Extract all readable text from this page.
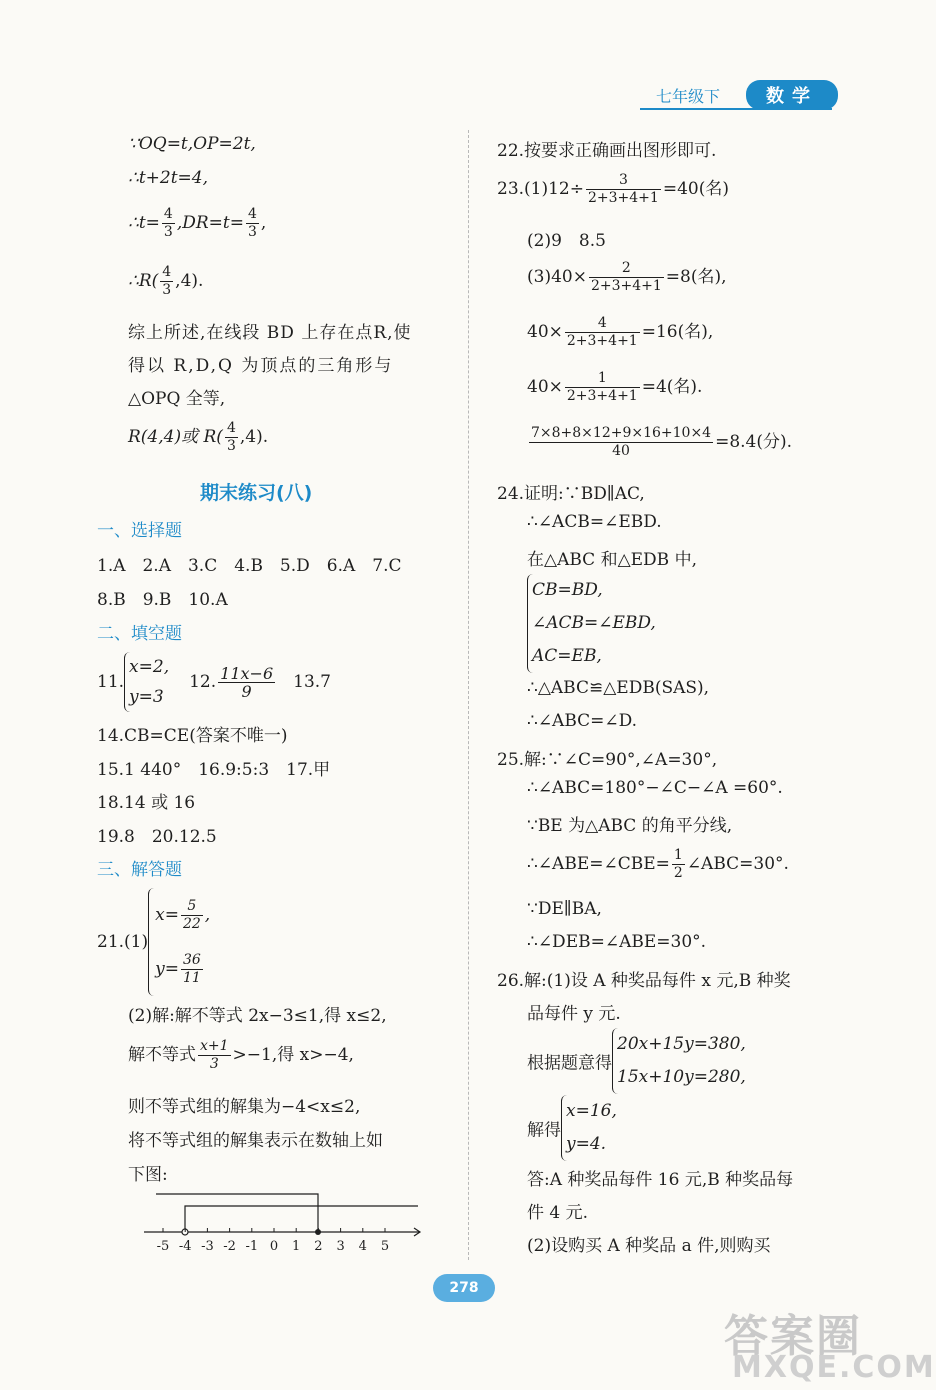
七年级下	数学
∵OQ=t,OP=2t,
∴t+2t=4,
∴t= $\frac{4}{3} ,DR=t= \frac{4}{3}$ ,
∴R( $\frac{4}{3} ,4$).
综上所述,在线段 BD 上存在点R,使
得以 R,D,Q 为顶点的三角形与
△OPQ 全等,
R(4,4)或 $R( \frac{4}{3} ,4)$.
期末练习(八)
一、选择题
1.A　2.A　3.C　4.B　5.D　6.A　7.C
8.B　9.B　10.A
二、填空题
11.x=2,
y=312. $\frac{11x-6}{9} 13.7$
14.CB=CE(答案不唯一)
15.1 440°　16.9:5:3　17.甲
18.14 或 16
19.8　20.12.5
三、解答题
$21.(1)x= \frac{5}{22}$ ,
$y= \frac{36}{11}$
(2)解:解不等式 2x−3≤1,得 x≤2,
解不等式 $\frac{x+1}{3} >-1$,得 x>−4,
则不等式组的解集为−4<x≤2,
将不等式组的解集表示在数轴上如
下图:
-5 -4 -3 -2 -1 0 1 2 3 4 5
22.按要求正确画出图形即可.
$23.(1)12\div \frac{3}{2+3+4+1} =40$(名)
(2)9　8.5
$(3)40\times \frac{2}{2+3+4+1} =8$(名),
$40\times \frac{4}{2+3+4+1} =16$(名),
$40\times \frac{1}{2+3+4+1} =4$(名).
$\frac{7\times 8+8\times 12+9\times 16+10\times 4}{40} =8.4$(分).
24.证明:∵BD∥AC,
∴∠ACB=∠EBD.
在△ABC 和△EDB 中,
CB=BD,
∠ACB=∠EBD,
AC=EB,
∴△ABC≌△EDB(SAS),
∴∠ABC=∠D.
25.解:∵∠C=90°,∠A=30°,
∴∠ABC=180°−∠C−∠A =60°.
∵BE 为△ABC 的角平分线,
∴∠ABE=∠CBE= $\frac{1}{2}$ ∠ABC=30°.
∵DE∥BA,
∴∠DEB=∠ABE=30°.
26.解:(1)设 A 种奖品每件 x 元,B 种奖
品每件 y 元.
根据题意得20x+15y=380,
15x+10y=280,
解得x=16,
y=4.
答:A 种奖品每件 16 元,B 种奖品每
件 4 元.
(2)设购买 A 种奖品 a 件,则购买
278
答案圈
MXQE.COM
